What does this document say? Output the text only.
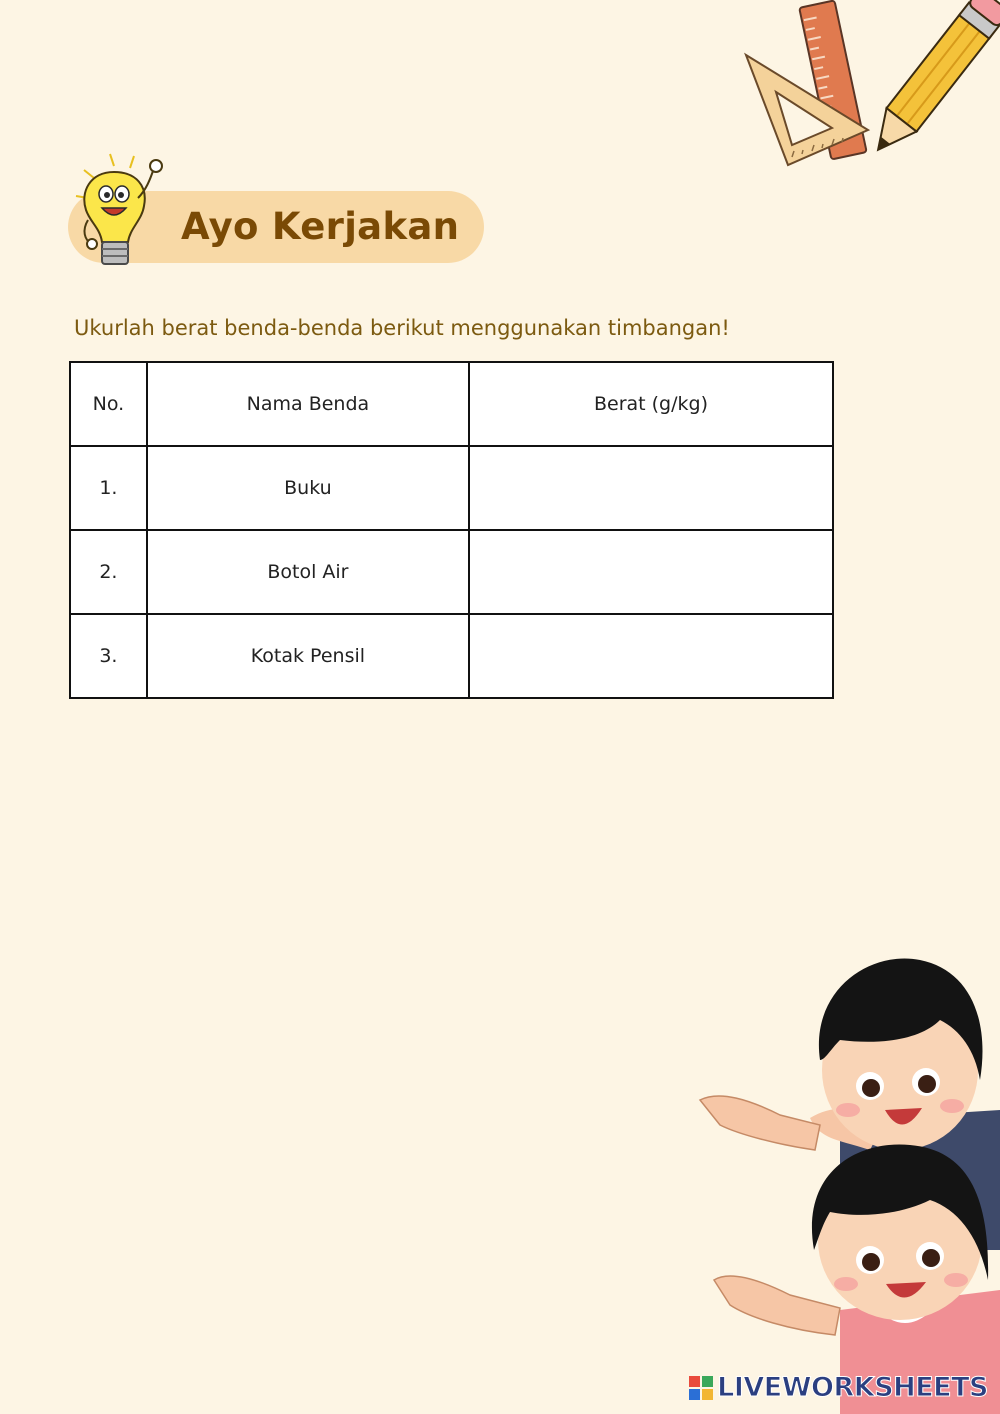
Ayo Kerjakan
Ukurlah berat benda-benda berikut menggunakan timbangan!
No.	Nama Benda	Berat (g/kg)
1.	Buku	
2.	Botol Air	
3.	Kotak Pensil	
LIVEWORKSHEETS
